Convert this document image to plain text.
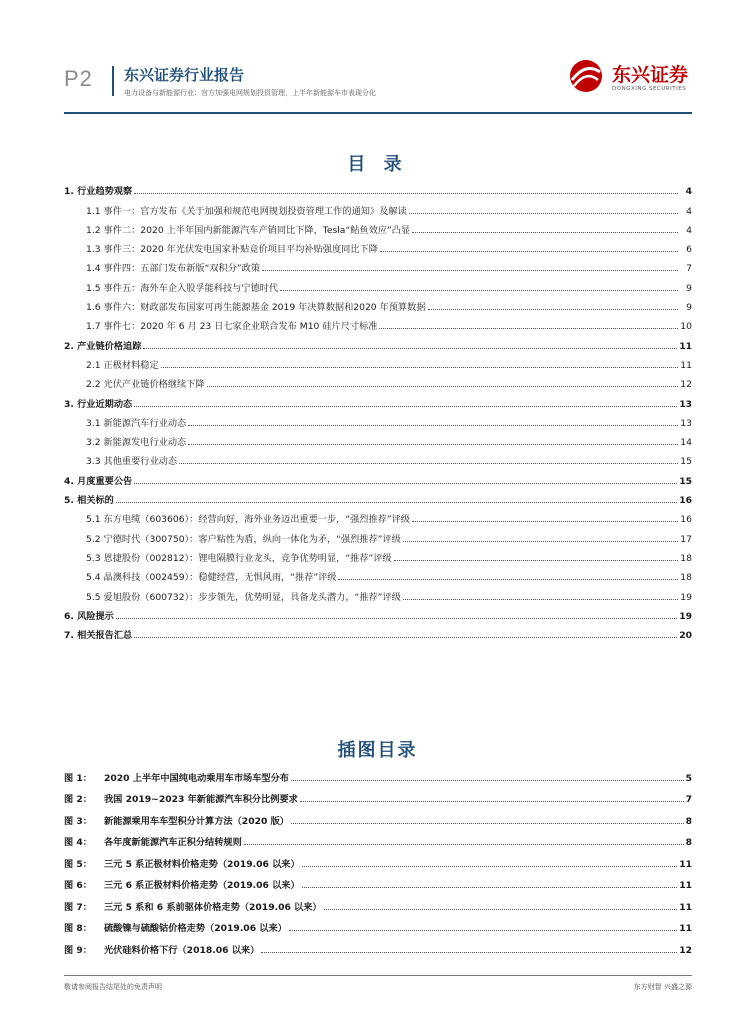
P2 东兴证券行业报告
电力设备与新能源行业：官方加强电网规划投资管理，上半年新能源车市表现分化
东兴证券
DONGXING SECURITIES
目 录
1. 行业趋势观察	4
1.1 事件一：官方发布《关于加强和规范电网规划投资管理工作的通知》及解读	4
1.2 事件二：2020 上半年国内新能源汽车产销同比下降，Tesla“鲇鱼效应”凸显	4
1.3 事件三：2020 年光伏发电国家补贴竞价项目平均补贴强度同比下降	6
1.4 事件四：五部门发布新版“双积分”政策	7
1.5 事件五：海外车企入股孚能科技与宁德时代	9
1.6 事件六：财政部发布国家可再生能源基金 2019 年决算数据和2020 年预算数据	9
1.7 事件七：2020 年 6 月 23 日七家企业联合发布 M10 硅片尺寸标准	10
2. 产业链价格追踪	11
2.1 正极材料稳定	11
2.2 光伏产业链价格继续下降	12
3. 行业近期动态	13
3.1 新能源汽车行业动态	13
3.2 新能源发电行业动态	14
3.3 其他重要行业动态	15
4. 月度重要公告	15
5. 相关标的	16
5.1 东方电缆（603606）：经营向好，海外业务迈出重要一步，“强烈推荐”评级	16
5.2 宁德时代（300750）：客户粘性为盾，纵向一体化为矛，“强烈推荐”评级	17
5.3 恩捷股份（002812）：锂电隔膜行业龙头，竞争优势明显，“推荐”评级	18
5.4 晶澳科技（002459）：稳健经营，无惧风雨，“推荐”评级	18
5.5 爱旭股份（600732）：步步领先，优势明显，具备龙头潜力，“推荐”评级	19
6. 风险提示	19
7. 相关报告汇总	20
插图目录
图 1：	2020 上半年中国纯电动乘用车市场车型分布	5
图 2：	我国 2019~2023 年新能源汽车积分比例要求	7
图 3：	新能源乘用车车型积分计算方法（2020 版）	8
图 4：	各年度新能源汽车正积分结转规则	8
图 5：	三元 5 系正极材料价格走势（2019.06 以来）	11
图 6：	三元 6 系正极材料价格走势（2019.06 以来）	11
图 7：	三元 5 系和 6 系前驱体价格走势（2019.06 以来）	11
图 8：	硫酸镍与硫酸钴价格走势（2019.06 以来）	11
图 9：	光伏硅料价格下行（2018.06 以来）	12
敬请参阅报告结尾处的免责声明	东方财智 兴盛之源
